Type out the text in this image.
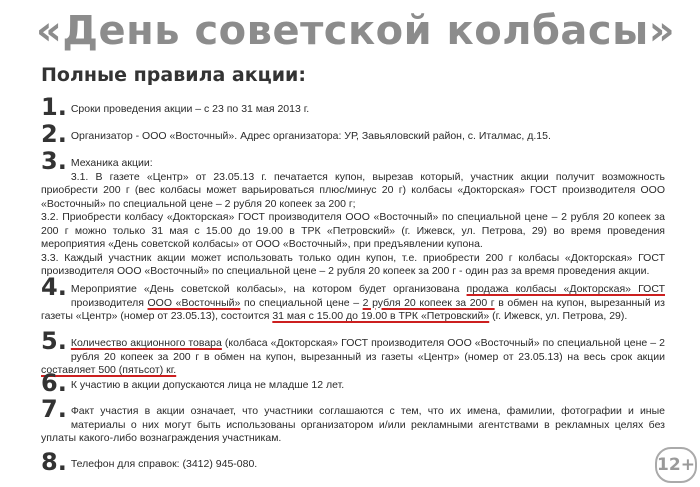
«День советской колбасы»
Полные правила акции:
1. Сроки проведения акции – с 23 по 31 мая 2013 г.
2. Организатор - ООО «Восточный». Адрес организатора: УР, Завьяловский район, с. Италмас, д.15.
3. Механика акции:
3.1. В газете «Центр» от 23.05.13 г. печатается купон, вырезав который, участник акции получит возможность приобрести 200 г (вес колбасы может варьироваться плюс/минус 20 г) колбасы «Докторская» ГОСТ производителя ООО «Восточный» по специальной цене – 2 рубля 20 копеек за 200 г;
3.2. Приобрести колбасу «Докторская» ГОСТ производителя ООО «Восточный» по специальной цене – 2 рубля 20 копеек за 200 г можно только 31 мая с 15.00 до 19.00 в ТРК «Петровский» (г. Ижевск, ул. Петрова, 29) во время проведения мероприятия «День советской колбасы» от ООО «Восточный», при предъявлении купона.
3.3. Каждый участник акции может использовать только один купон, т.е. приобрести 200 г колбасы «Докторская» ГОСТ производителя ООО «Восточный» по специальной цене – 2 рубля 20 копеек за 200 г - один раз за время проведения акции.
4. Мероприятие «День советской колбасы», на котором будет организована продажа колбасы «Докторская» ГОСТ производителя ООО «Восточный» по специальной цене – 2 рубля 20 копеек за 200 г в обмен на купон, вырезанный из газеты «Центр» (номер от 23.05.13), состоится 31 мая с 15.00 до 19.00 в ТРК «Петровский» (г. Ижевск, ул. Петрова, 29).
5. Количество акционного товара (колбаса «Докторская» ГОСТ производителя ООО «Восточный» по специальной цене – 2 рубля 20 копеек за 200 г в обмен на купон, вырезанный из газеты «Центр» (номер от 23.05.13) на весь срок акции составляет 500 (пятьсот) кг.
6. К участию в акции допускаются лица не младше 12 лет.
7. Факт участия в акции означает, что участники соглашаются с тем, что их имена, фамилии, фотографии и иные материалы о них могут быть использованы организатором и/или рекламными агентствами в рекламных целях без уплаты какого-либо вознаграждения участникам.
8. Телефон для справок: (3412) 945-080.	12+
